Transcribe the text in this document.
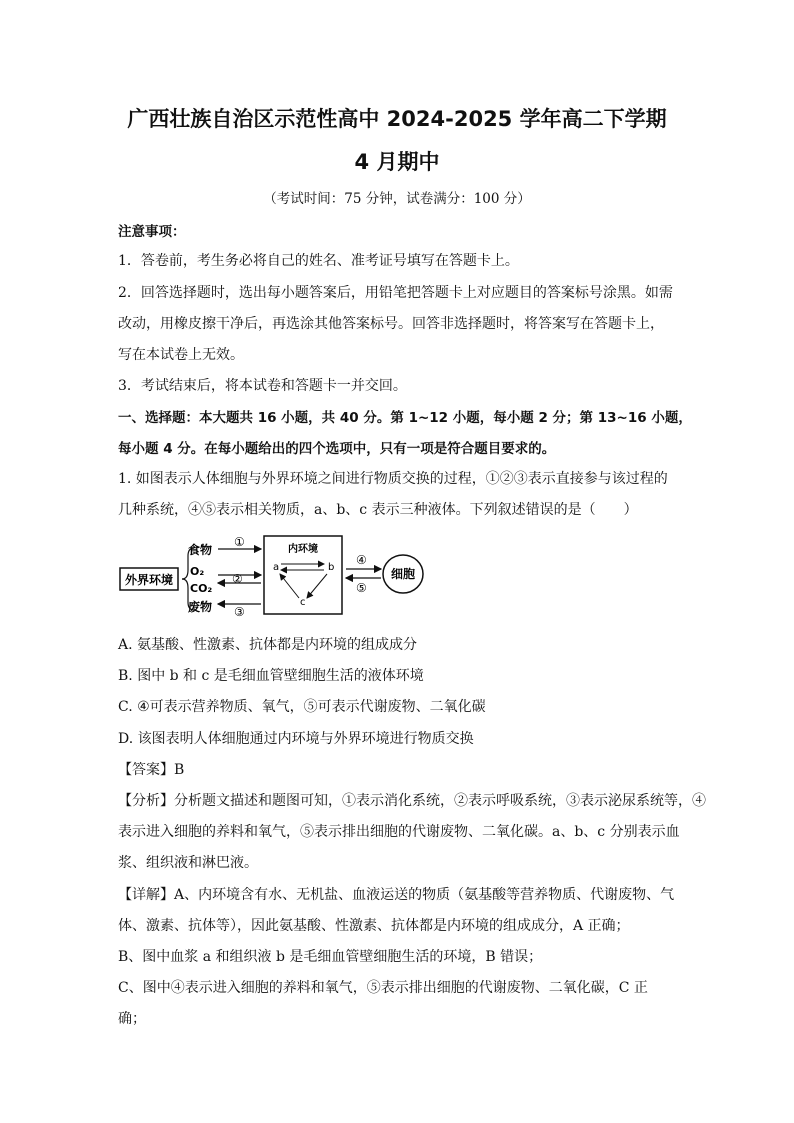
广西壮族自治区示范性高中 2024-2025 学年高二下学期
4 月期中
（考试时间：75 分钟，试卷满分：100 分）
注意事项：
1．答卷前，考生务必将自己的姓名、准考证号填写在答题卡上。
2．回答选择题时，选出每小题答案后，用铅笔把答题卡上对应题目的答案标号涂黑。如需
改动，用橡皮擦干净后，再选涂其他答案标号。回答非选择题时，将答案写在答题卡上，
写在本试卷上无效。
3．考试结束后，将本试卷和答题卡一并交回。
一、选择题：本大题共 16 小题，共 40 分。第 1~12 小题，每小题 2 分；第 13~16 小题，
每小题 4 分。在每小题给出的四个选项中，只有一项是符合题目要求的。
1. 如图表示人体细胞与外界环境之间进行物质交换的过程，①②③表示直接参与该过程的
几种系统，④⑤表示相关物质，a、b、c 表示三种液体。下列叙述错误的是（　　）
外界环境
食物
O₂
CO₂
废物
①
②
③
内环境
a	b
c
④
⑤
细胞
A. 氨基酸、性激素、抗体都是内环境的组成成分
B. 图中 b 和 c 是毛细血管壁细胞生活的液体环境
C. ④可表示营养物质、氧气，⑤可表示代谢废物、二氧化碳
D. 该图表明人体细胞通过内环境与外界环境进行物质交换
【答案】B
【分析】分析题文描述和题图可知，①表示消化系统，②表示呼吸系统，③表示泌尿系统等，④
表示进入细胞的养料和氧气，⑤表示排出细胞的代谢废物、二氧化碳。a、b、c 分别表示血
浆、组织液和淋巴液。
【详解】A、内环境含有水、无机盐、血液运送的物质（氨基酸等营养物质、代谢废物、气
体、激素、抗体等），因此氨基酸、性激素、抗体都是内环境的组成成分，A 正确；
B、图中血浆 a 和组织液 b 是毛细血管壁细胞生活的环境，B 错误；
C、图中④表示进入细胞的养料和氧气，⑤表示排出细胞的代谢废物、二氧化碳，C 正
确；
